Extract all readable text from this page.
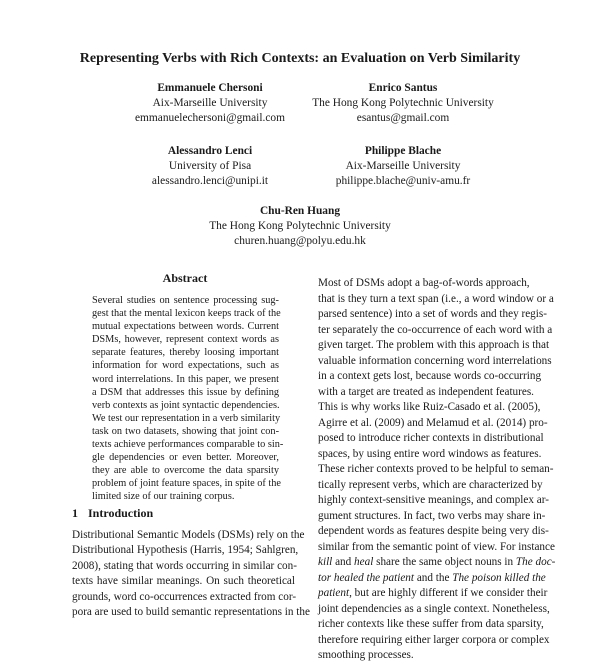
Representing Verbs with Rich Contexts: an Evaluation on Verb Similarity
Emmanuele Chersoni
Aix-Marseille University
emmanuelechersoni@gmail.com
Enrico Santus
The Hong Kong Polytechnic University
esantus@gmail.com
Alessandro Lenci
University of Pisa
alessandro.lenci@unipi.it
Philippe Blache
Aix-Marseille University
philippe.blache@univ-amu.fr
Chu-Ren Huang
The Hong Kong Polytechnic University
churen.huang@polyu.edu.hk
Abstract
Several studies on sentence processing sug-
gest that the mental lexicon keeps track of the
mutual expectations between words. Current
DSMs, however, represent context words as
separate features, thereby loosing important
information for word expectations, such as
word interrelations. In this paper, we present
a DSM that addresses this issue by defining
verb contexts as joint syntactic dependencies.
We test our representation in a verb similarity
task on two datasets, showing that joint con-
texts achieve performances comparable to sin-
gle dependencies or even better. Moreover,
they are able to overcome the data sparsity
problem of joint feature spaces, in spite of the
limited size of our training corpus.
1 Introduction
Distributional Semantic Models (DSMs) rely on the
Distributional Hypothesis (Harris, 1954; Sahlgren,
2008), stating that words occurring in similar con-
texts have similar meanings. On such theoretical
grounds, word co-occurrences extracted from cor-
pora are used to build semantic representations in the
Most of DSMs adopt a bag-of-words approach,
that is they turn a text span (i.e., a word window or a
parsed sentence) into a set of words and they regis-
ter separately the co-occurrence of each word with a
given target. The problem with this approach is that
valuable information concerning word interrelations
in a context gets lost, because words co-occurring
with a target are treated as independent features.
This is why works like Ruiz-Casado et al. (2005),
Agirre et al. (2009) and Melamud et al. (2014) pro-
posed to introduce richer contexts in distributional
spaces, by using entire word windows as features.
These richer contexts proved to be helpful to seman-
tically represent verbs, which are characterized by
highly context-sensitive meanings, and complex ar-
gument structures. In fact, two verbs may share in-
dependent words as features despite being very dis-
similar from the semantic point of view. For instance
kill and heal share the same object nouns in The doc-
tor healed the patient and the The poison killed the
patient, but are highly different if we consider their
joint dependencies as a single context. Nonetheless,
richer contexts like these suffer from data sparsity,
therefore requiring either larger corpora or complex
smoothing processes.
